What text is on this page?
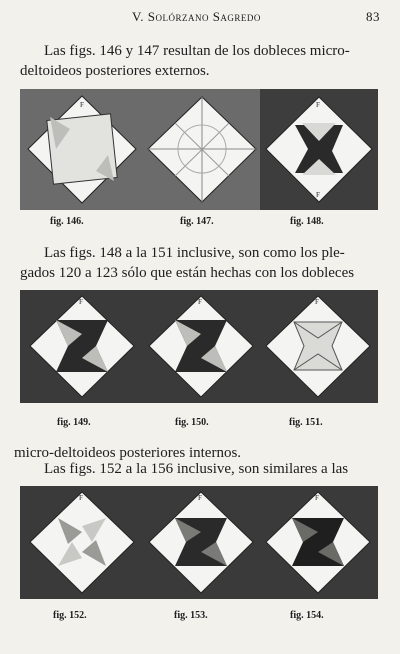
V. Solórzano Sagredo	83
Las figs. 146 y 147 resultan de los dobleces micro-
deltoideos posteriores externos.
F	F
F
fig. 146.	fig. 147.	fig. 148.
Las figs. 148 a la 151 inclusive, son como los ple-
gados 120 a 123 sólo que están hechas con los dobleces
F	F	F
fig. 149.	fig. 150.	fig. 151.
micro-deltoideos posteriores internos.
Las figs. 152 a la 156 inclusive, son similares a las
F	F	F
fig. 152.	fig. 153.	fig. 154.
